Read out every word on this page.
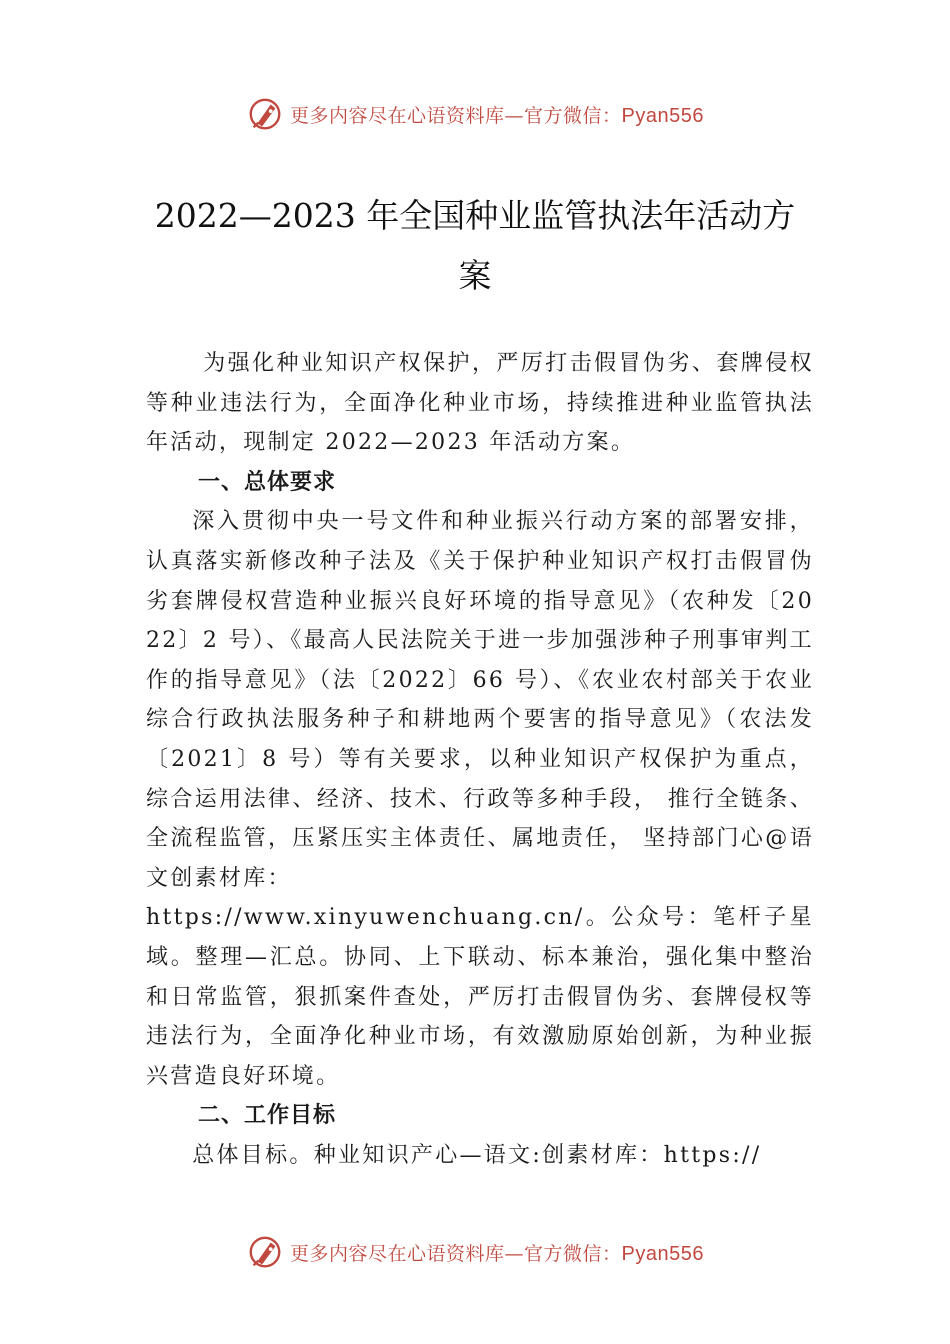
更多内容尽在心语资料库—官方微信：Pyan556
2022—2023 年全国种业监管执法年活动方
案

为强化种业知识产权保护，严厉打击假冒伪劣、套牌侵权等种业违法行为，全面净化种业市场，持续推进种业监管执法年活动，现制定 2022—2023 年活动方案。

一、总体要求

深入贯彻中央一号文件和种业振兴行动方案的部署安排，认真落实新修改种子法及《关于保护种业知识产权打击假冒伪劣套牌侵权营造种业振兴良好环境的指导意见》（农种发〔2022〕2 号）、《最高人民法院关于进一步加强涉种子刑事审判工作的指导意见》（法〔2022〕66 号）、《农业农村部关于农业综合行政执法服务种子和耕地两个要害的指导意见》（农法发〔2021〕8 号）等有关要求，以种业知识产权保护为重点，综合运用法律、经济、技术、行政等多种手段， 推行全链条、全流程监管，压紧压实主体责任、属地责任， 坚持部门心@语文创素材库：

https://www.xinyuwenchuang.cn/。公众号：笔杆子星域。整理—汇总。协同、上下联动、标本兼治，强化集中整治和日常监管，狠抓案件查处，严厉打击假冒伪劣、套牌侵权等违法行为，全面净化种业市场，有效激励原始创新，为种业振兴营造良好环境。

二、工作目标

总体目标。种业知识产心—语文:创素材库：https://

更多内容尽在心语资料库—官方微信：Pyan556
